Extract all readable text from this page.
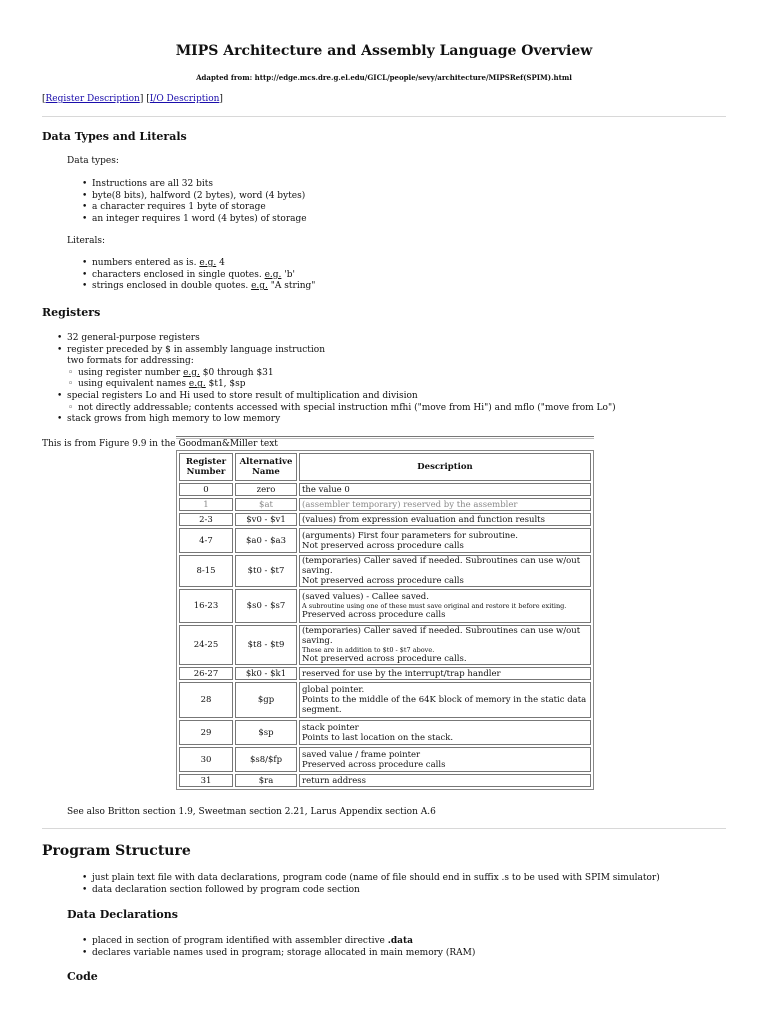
MIPS Architecture and Assembly Language Overview
Adapted from: http://edge.mcs.dre.g.el.edu/GICL/people/sevy/architecture/MIPSRef(SPIM).html
[Register Description] [I/O Description]
Data Types and Literals
Data types:
• Instructions are all 32 bits
• byte(8 bits), halfword (2 bytes), word (4 bytes)
• a character requires 1 byte of storage
• an integer requires 1 word (4 bytes) of storage
Literals:
• numbers entered as is. e.g. 4
• characters enclosed in single quotes. e.g. 'b'
• strings enclosed in double quotes. e.g. "A string"
Registers
• 32 general-purpose registers
• register preceded by $ in assembly language instruction
two formats for addressing:
◦ using register number e.g. $0 through $31
◦ using equivalent names e.g. $t1, $sp
• special registers Lo and Hi used to store result of multiplication and division
◦ not directly addressable; contents accessed with special instruction mfhi ("move from Hi") and mflo ("move from Lo")
• stack grows from high memory to low memory
This is from Figure 9.9 in the Goodman&Miller text
Register Number	Alternative Name	Description
0	zero	the value 0
1	$at	(assembler temporary) reserved by the assembler
2-3	$v0 - $v1	(values) from expression evaluation and function results
4-7	$a0 - $a3	(arguments) First four parameters for subroutine.
Not preserved across procedure calls

8-15	$t0 - $t7	(temporaries) Caller saved if needed. Subroutines can use w/out saving.
Not preserved across procedure calls

16-23	$s0 - $s7	(saved values) - Callee saved.
A subroutine using one of these must save original and restore it before exiting.
Preserved across procedure calls

24-25	$t8 - $t9	(temporaries) Caller saved if needed. Subroutines can use w/out saving.
These are in addition to $t0 - $t7 above.
Not preserved across procedure calls.

26-27	$k0 - $k1	reserved for use by the interrupt/trap handler
28	$gp	global pointer.
Points to the middle of the 64K block of memory in the static data segment.

29	$sp	stack pointer
Points to last location on the stack.

30	$s8/$fp	saved value / frame pointer
Preserved across procedure calls

31	$ra	return address
See also Britton section 1.9, Sweetman section 2.21, Larus Appendix section A.6
Program Structure
• just plain text file with data declarations, program code (name of file should end in suffix .s to be used with SPIM simulator)
• data declaration section followed by program code section
Data Declarations
• placed in section of program identified with assembler directive .data
• declares variable names used in program; storage allocated in main memory (RAM)
Code
